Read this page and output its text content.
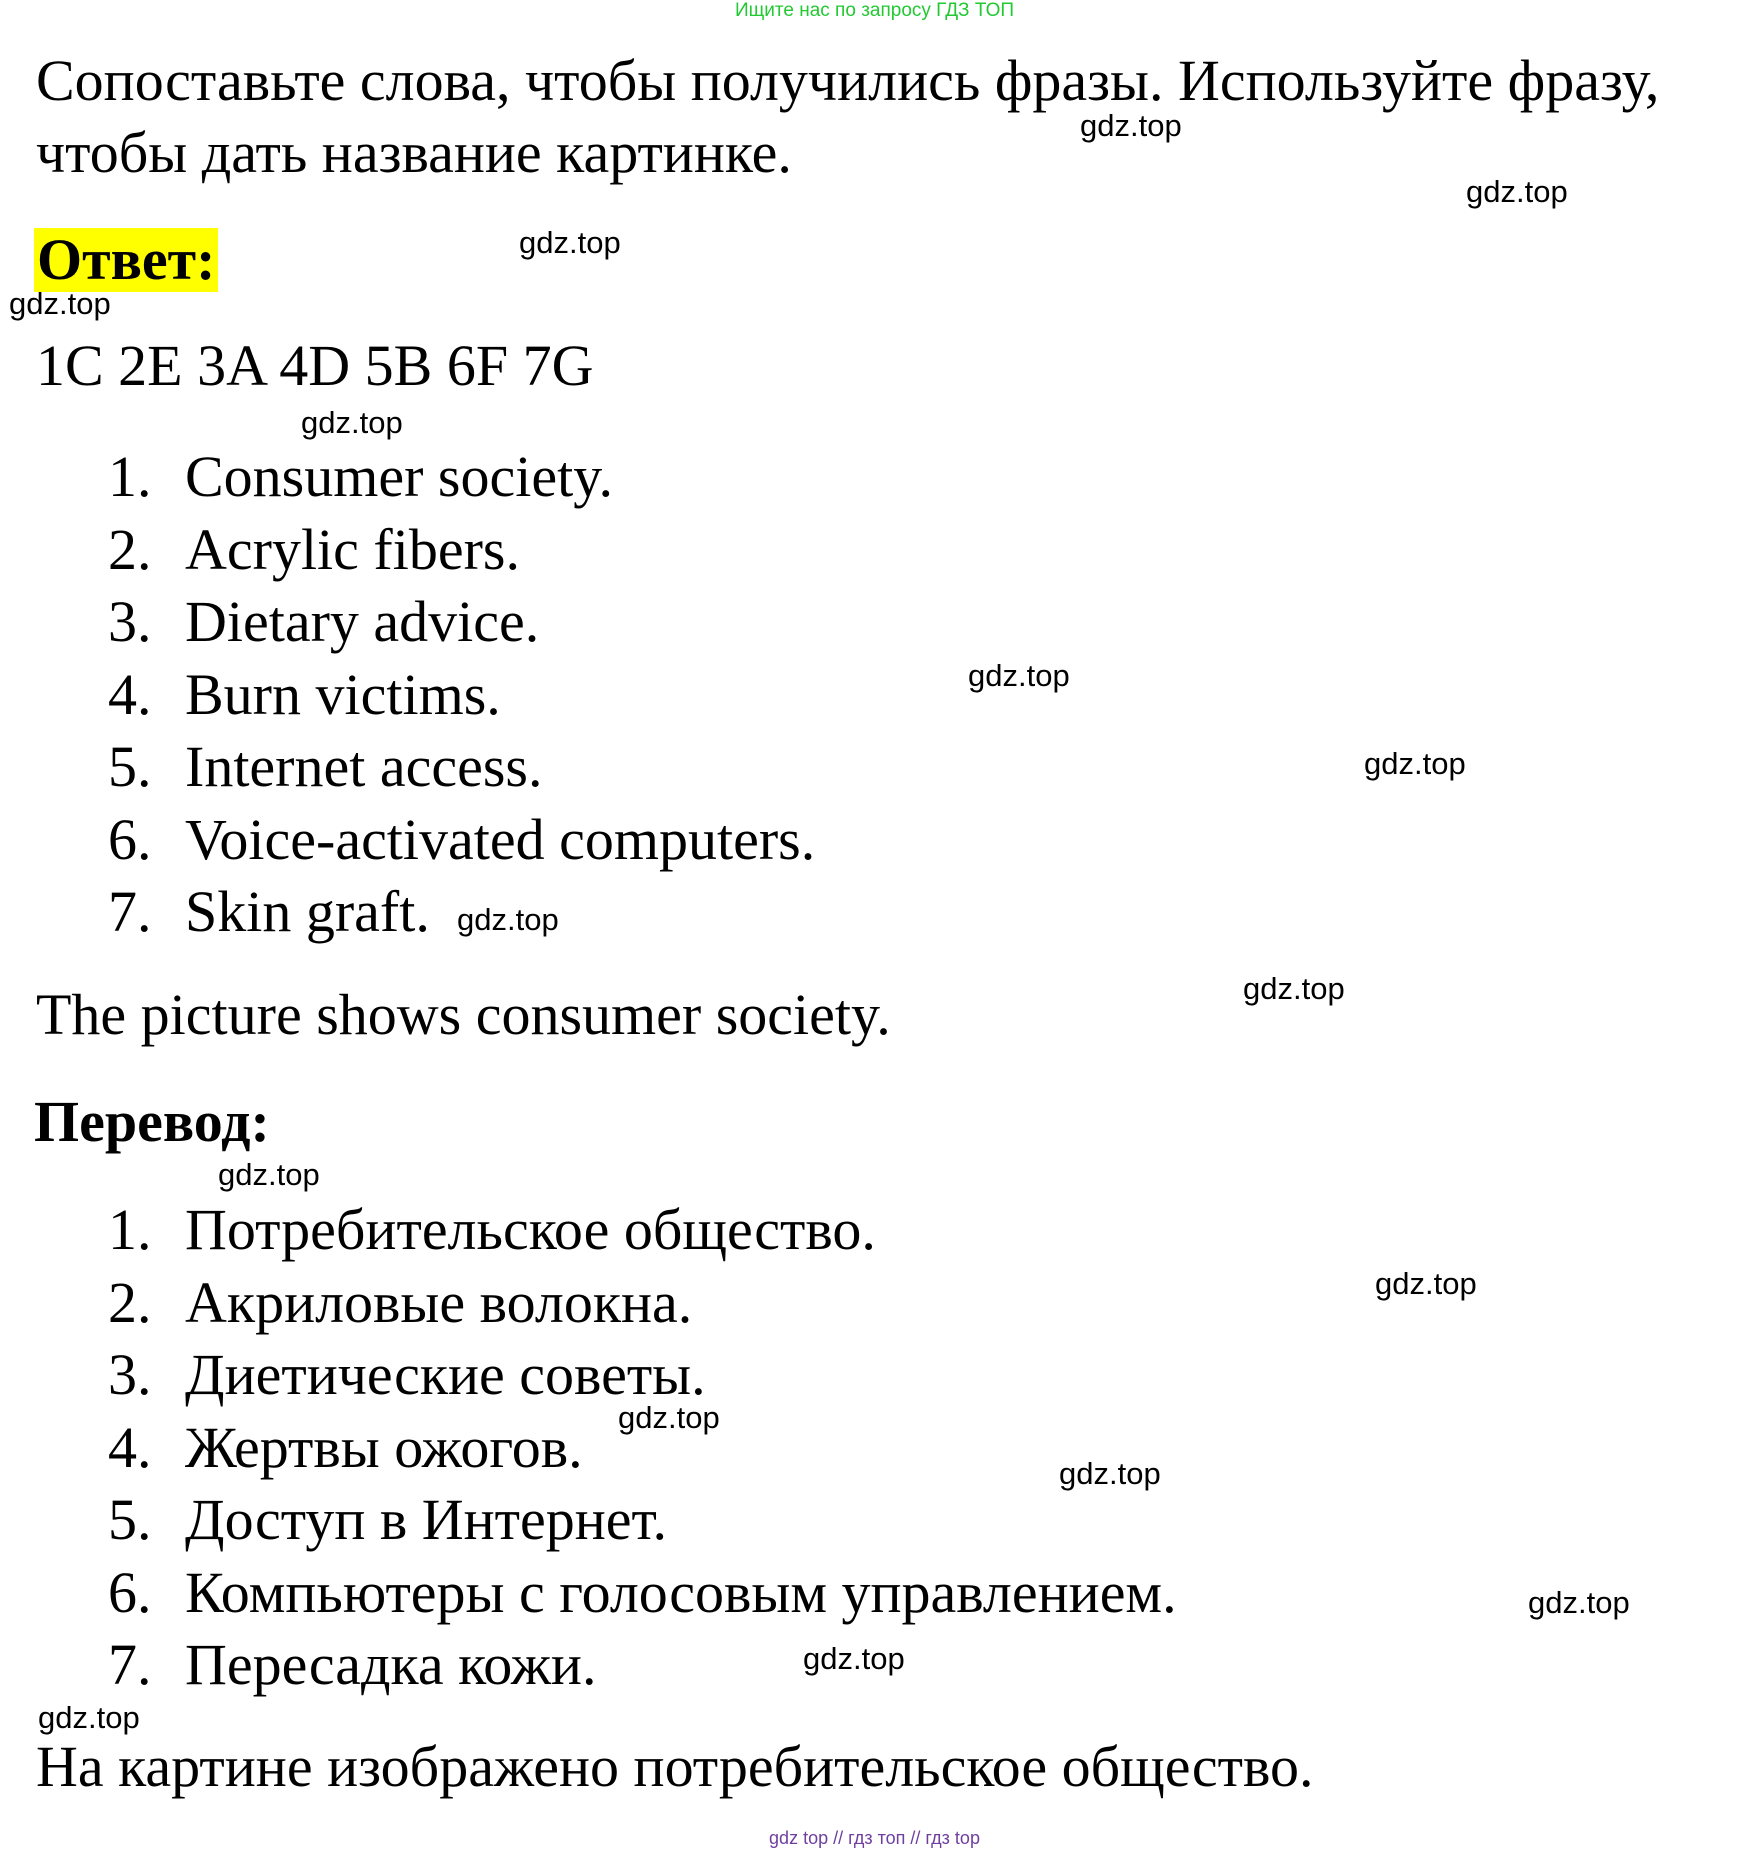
Ищите нас по запросу ГДЗ ТОП
Сопоставьте слова, чтобы получились фразы. Используйте фразу, чтобы дать название картинке.
Ответ:
1C 2E 3A 4D 5B 6F 7G
1. Consumer society.
2. Acrylic fibers.
3. Dietary advice.
4. Burn victims.
5. Internet access.
6. Voice-activated computers.
7. Skin graft.
The picture shows consumer society.
Перевод:
1. Потребительское общество.
2. Акриловые волокна.
3. Диетические советы.
4. Жертвы ожогов.
5. Доступ в Интернет.
6. Компьютеры с голосовым управлением.
7. Пересадка кожи.
На картине изображено потребительское общество.
gdz.top
gdz.top
gdz.top
gdz.top
gdz.top
gdz.top
gdz.top
gdz.top
gdz.top
gdz.top
gdz.top
gdz.top
gdz.top
gdz.top
gdz.top
gdz.top
gdz top // гдз топ // гдз top
